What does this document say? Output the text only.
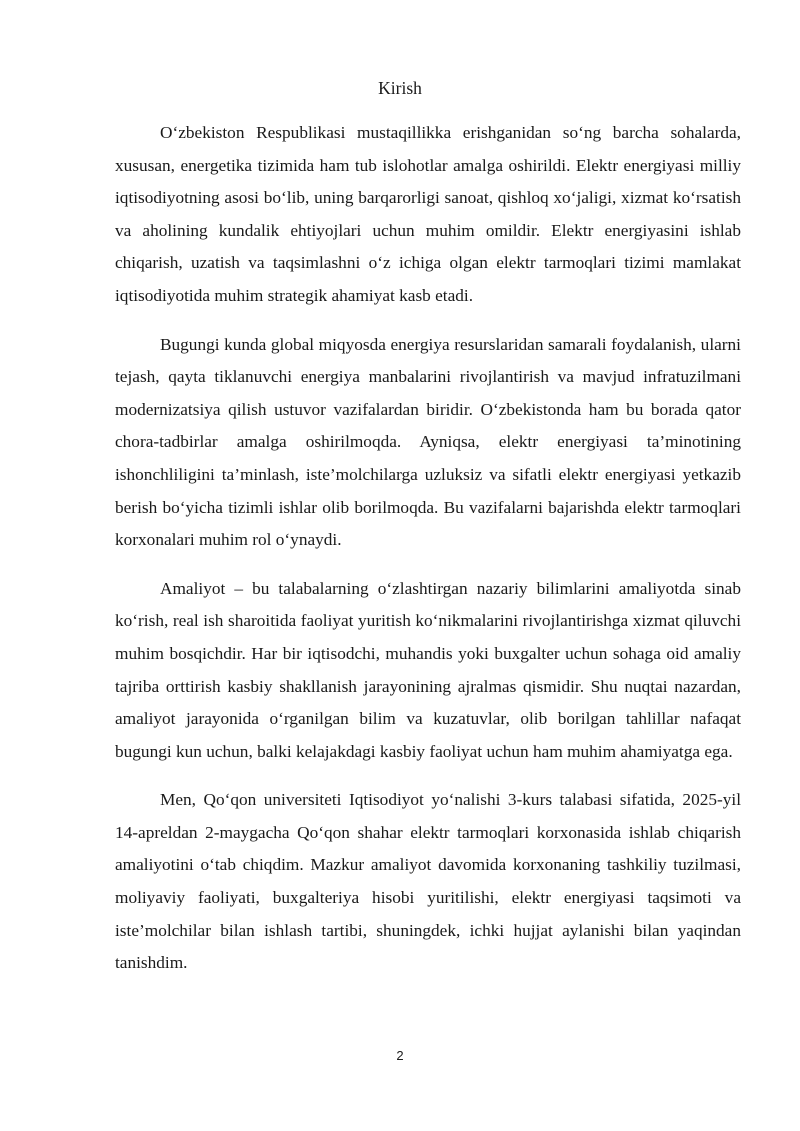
Kirish

O‘zbekiston Respublikasi mustaqillikka erishganidan so‘ng barcha sohalarda, xususan, energetika tizimida ham tub islohotlar amalga oshirildi. Elektr energiyasi milliy iqtisodiyotning asosi bo‘lib, uning barqarorligi sanoat, qishloq xo‘jaligi, xizmat ko‘rsatish va aholining kundalik ehtiyojlari uchun muhim omildir. Elektr energiyasini ishlab chiqarish, uzatish va taqsimlashni o‘z ichiga olgan elektr tarmoqlari tizimi mamlakat iqtisodiyotida muhim strategik ahamiyat kasb etadi.

Bugungi kunda global miqyosda energiya resurslaridan samarali foydalanish, ularni tejash, qayta tiklanuvchi energiya manbalarini rivojlantirish va mavjud infratuzilmani modernizatsiya qilish ustuvor vazifalardan biridir. O‘zbekistonda ham bu borada qator chora-tadbirlar amalga oshirilmoqda. Ayniqsa, elektr energiyasi ta’minotining ishonchliligini ta’minlash, iste’molchilarga uzluksiz va sifatli elektr energiyasi yetkazib berish bo‘yicha tizimli ishlar olib borilmoqda. Bu vazifalarni bajarishda elektr tarmoqlari korxonalari muhim rol o‘ynaydi.

Amaliyot – bu talabalarning o‘zlashtirgan nazariy bilimlarini amaliyotda sinab ko‘rish, real ish sharoitida faoliyat yuritish ko‘nikmalarini rivojlantirishga xizmat qiluvchi muhim bosqichdir. Har bir iqtisodchi, muhandis yoki buxgalter uchun sohaga oid amaliy tajriba orttirish kasbiy shakllanish jarayonining ajralmas qismidir. Shu nuqtai nazardan, amaliyot jarayonida o‘rganilgan bilim va kuzatuvlar, olib borilgan tahlillar nafaqat bugungi kun uchun, balki kelajakdagi kasbiy faoliyat uchun ham muhim ahamiyatga ega.

Men, Qo‘qon universiteti Iqtisodiyot yo‘nalishi 3-kurs talabasi sifatida, 2025-yil 14-apreldan 2-maygacha Qo‘qon shahar elektr tarmoqlari korxonasida ishlab chiqarish amaliyotini o‘tab chiqdim. Mazkur amaliyot davomida korxonaning tashkiliy tuzilmasi, moliyaviy faoliyati, buxgalteriya hisobi yuritilishi, elektr energiyasi taqsimoti va iste’molchilar bilan ishlash tartibi, shuningdek, ichki hujjat aylanishi bilan yaqindan tanishdim.

2
